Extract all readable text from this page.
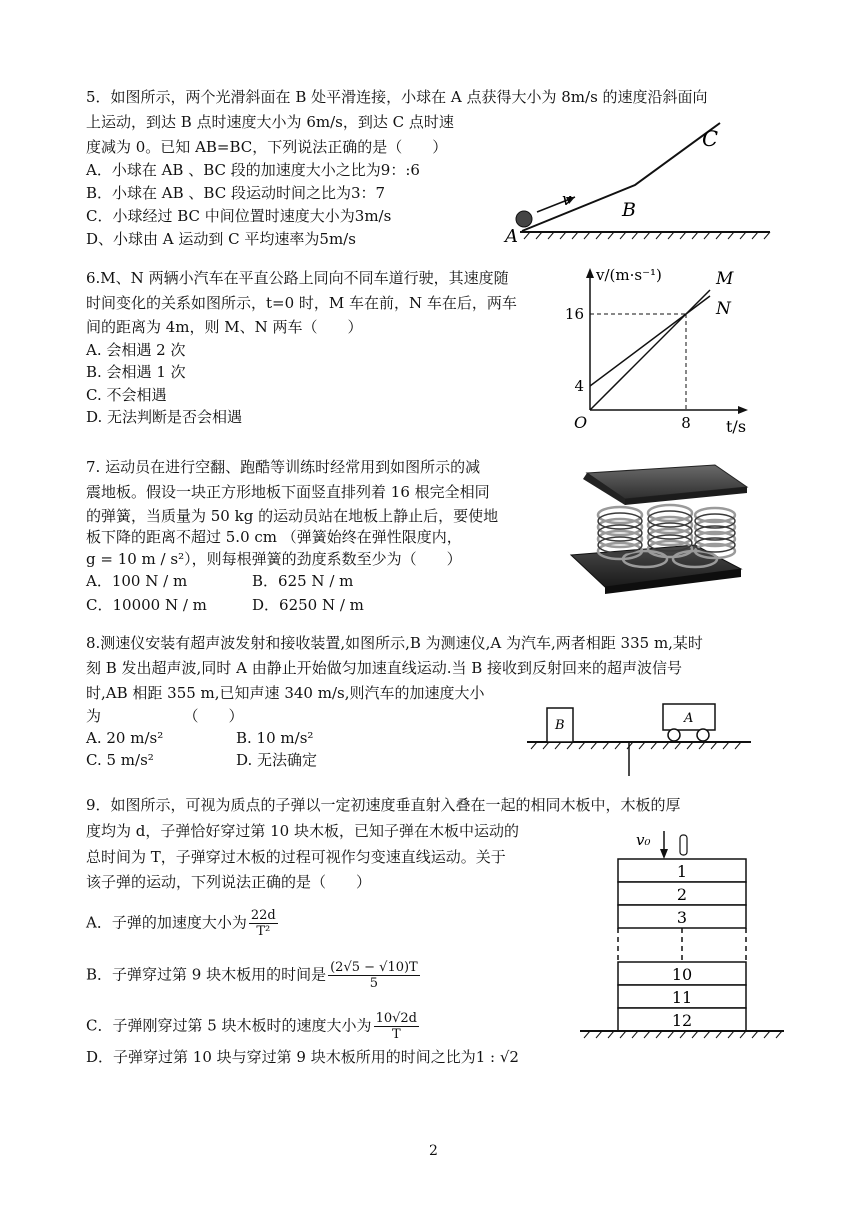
5．如图所示，两个光滑斜面在 B 处平滑连接，小球在 A 点获得大小为 8m/s 的速度沿斜面向
上运动，到达 B 点时速度大小为 6m/s，到达 C 点时速
度减为 0。已知 AB=BC，下列说法正确的是（　　）
A．小球在 AB 、BC 段的加速度大小之比为9：:6
B．小球在 AB 、BC 段运动时间之比为3：7
C．小球经过 BC 中间位置时速度大小为3m/s
D、小球由 A 运动到 C 平均速率为5m/s
v
A
B
C
6.M、N 两辆小汽车在平直公路上同向不同车道行驶，其速度随
时间变化的关系如图所示，t=0 时，M 车在前，N 车在后，两车
间的距离为 4m，则 M、N 两车（　　）
A. 会相遇 2 次
B. 会相遇 1 次
C. 不会相遇
D. 无法判断是否会相遇
v/(m·s⁻¹)
t/s
O
4
16
8
M
N
7. 运动员在进行空翻、跑酷等训练时经常用到如图所示的减
震地板。假设一块正方形地板下面竖直排列着 16 根完全相同
的弹簧，当质量为 50 kg 的运动员站在地板上静止后，要使地
板下降的距离不超过 5.0 cm （弹簧始终在弹性限度内，
g = 10 m / s²），则每根弹簧的劲度系数至少为（　　）
A．100 N / m	B．625 N / m
C．10000 N / m	D．6250 N / m
8.测速仪安装有超声波发射和接收装置,如图所示,B 为测速仪,A 为汽车,两者相距 335 m,某时
刻 B 发出超声波,同时 A 由静止开始做匀加速直线运动.当 B 接收到反射回来的超声波信号
时,AB 相距 355 m,已知声速 340 m/s,则汽车的加速度大小
为　　　　　　（　　）
A. 20 m/s²	B. 10 m/s²
C. 5 m/s²	D. 无法确定
B	A
9．如图所示，可视为质点的子弹以一定初速度垂直射入叠在一起的相同木板中，木板的厚
度均为 d，子弹恰好穿过第 10 块木板，已知子弹在木板中运动的
总时间为 T，子弹穿过木板的过程可视作匀变速直线运动。关于
该子弹的运动，下列说法正确的是（　　）
A．子弹的加速度大小为 $\frac{22d}{\text{T²}}$
B．子弹穿过第 9 块木板用的时间是 $\frac{(2√5 - √10)T}{5}$
C．子弹刚穿过第 5 块木板时的速度大小为 $\frac{10√2d}{T}$
D．子弹穿过第 10 块与穿过第 9 块木板所用的时间之比为1 : √2
v₀
1
2
3
10
11
12
2
